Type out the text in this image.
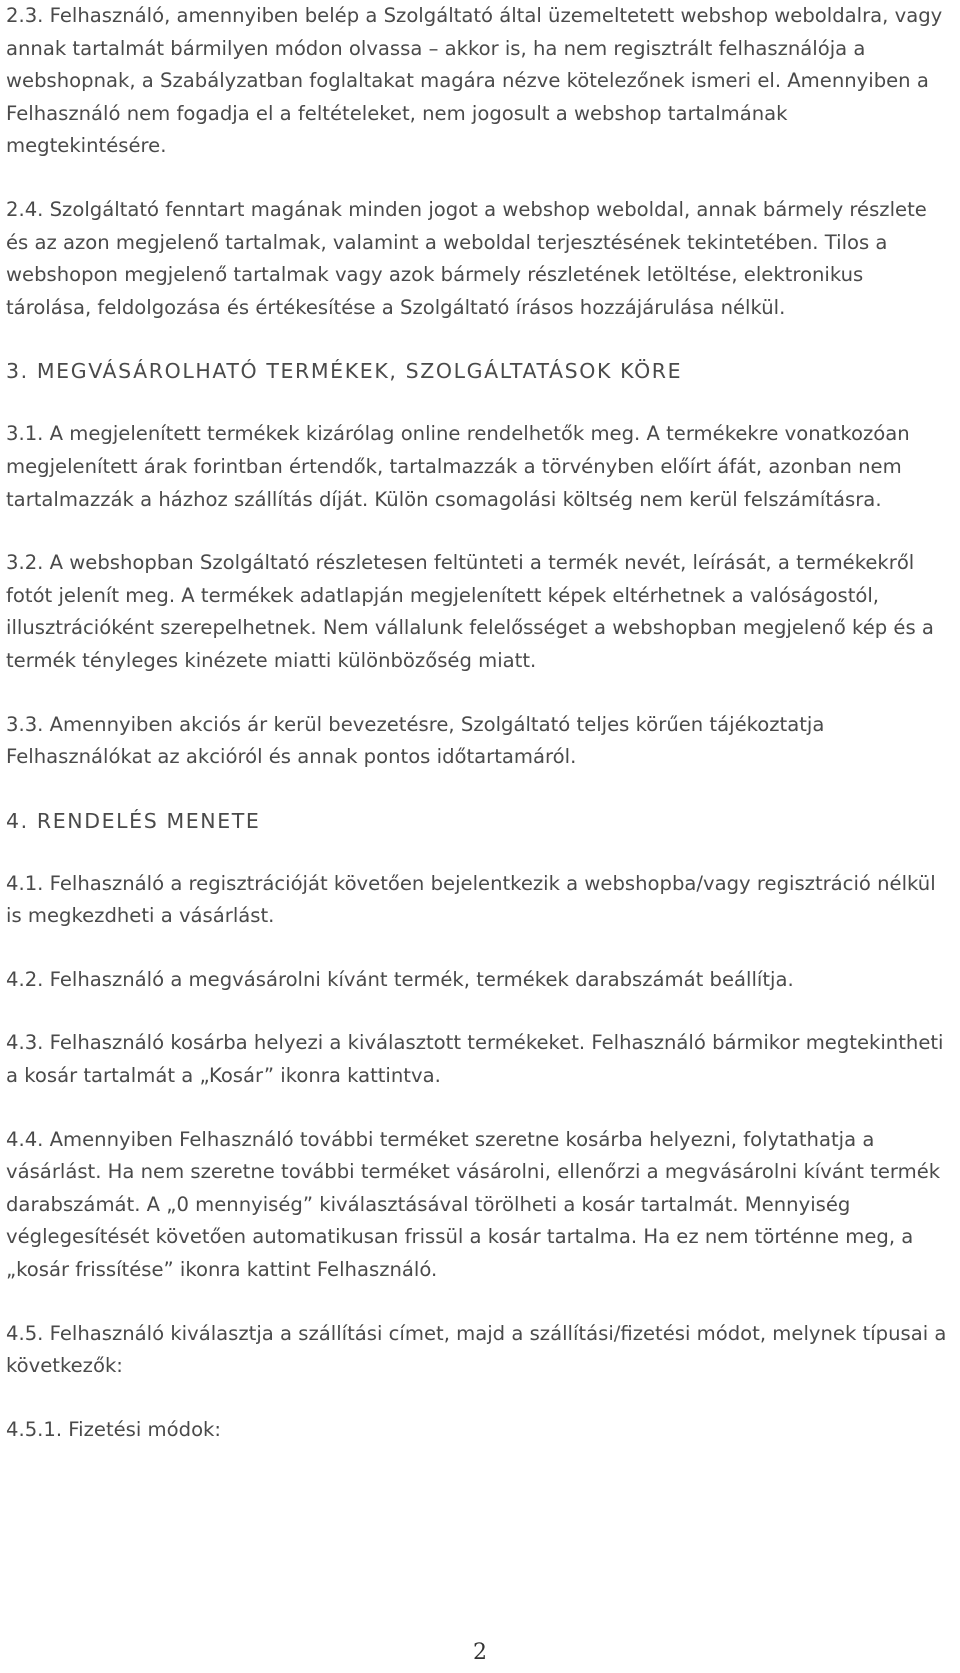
2.3. Felhasználó, amennyiben belép a Szolgáltató által üzemeltetett webshop weboldalra, vagy annak tartalmát bármilyen módon olvassa – akkor is, ha nem regisztrált felhasználója a webshopnak, a Szabályzatban foglaltakat magára nézve kötelezőnek ismeri el. Amennyiben a Felhasználó nem fogadja el a feltételeket, nem jogosult a webshop tartalmának megtekintésére.

2.4. Szolgáltató fenntart magának minden jogot a webshop weboldal, annak bármely részlete és az azon megjelenő tartalmak, valamint a weboldal terjesztésének tekintetében. Tilos a webshopon megjelenő tartalmak vagy azok bármely részletének letöltése, elektronikus tárolása, feldolgozása és értékesítése a Szolgáltató írásos hozzájárulása nélkül.

3. MEGVÁSÁROLHATÓ TERMÉKEK, SZOLGÁLTATÁSOK KÖRE

3.1. A megjelenített termékek kizárólag online rendelhetők meg. A termékekre vonatkozóan megjelenített árak forintban értendők, tartalmazzák a törvényben előírt áfát, azonban nem tartalmazzák a házhoz szállítás díját. Külön csomagolási költség nem kerül felszámításra.

3.2. A webshopban Szolgáltató részletesen feltünteti a termék nevét, leírását, a termékekről fotót jelenít meg. A termékek adatlapján megjelenített képek eltérhetnek a valóságostól, illusztrációként szerepelhetnek. Nem vállalunk felelősséget a webshopban megjelenő kép és a termék tényleges kinézete miatti különbözőség miatt.

3.3. Amennyiben akciós ár kerül bevezetésre, Szolgáltató teljes körűen tájékoztatja Felhasználókat az akcióról és annak pontos időtartamáról.

4. RENDELÉS MENETE

4.1. Felhasználó a regisztrációját követően bejelentkezik a webshopba/vagy regisztráció nélkül is megkezdheti a vásárlást.

4.2. Felhasználó a megvásárolni kívánt termék, termékek darabszámát beállítja.

4.3. Felhasználó kosárba helyezi a kiválasztott termékeket. Felhasználó bármikor megtekintheti a kosár tartalmát a „Kosár” ikonra kattintva.

4.4. Amennyiben Felhasználó további terméket szeretne kosárba helyezni, folytathatja a vásárlást. Ha nem szeretne további terméket vásárolni, ellenőrzi a megvásárolni kívánt termék darabszámát. A „0 mennyiség” kiválasztásával törölheti a kosár tartalmát. Mennyiség véglegesítését követően automatikusan frissül a kosár tartalma. Ha ez nem történne meg, a „kosár frissítése” ikonra kattint Felhasználó.

4.5. Felhasználó kiválasztja a szállítási címet, majd a szállítási/fizetési módot, melynek típusai a következők:

4.5.1. Fizetési módok:

2
